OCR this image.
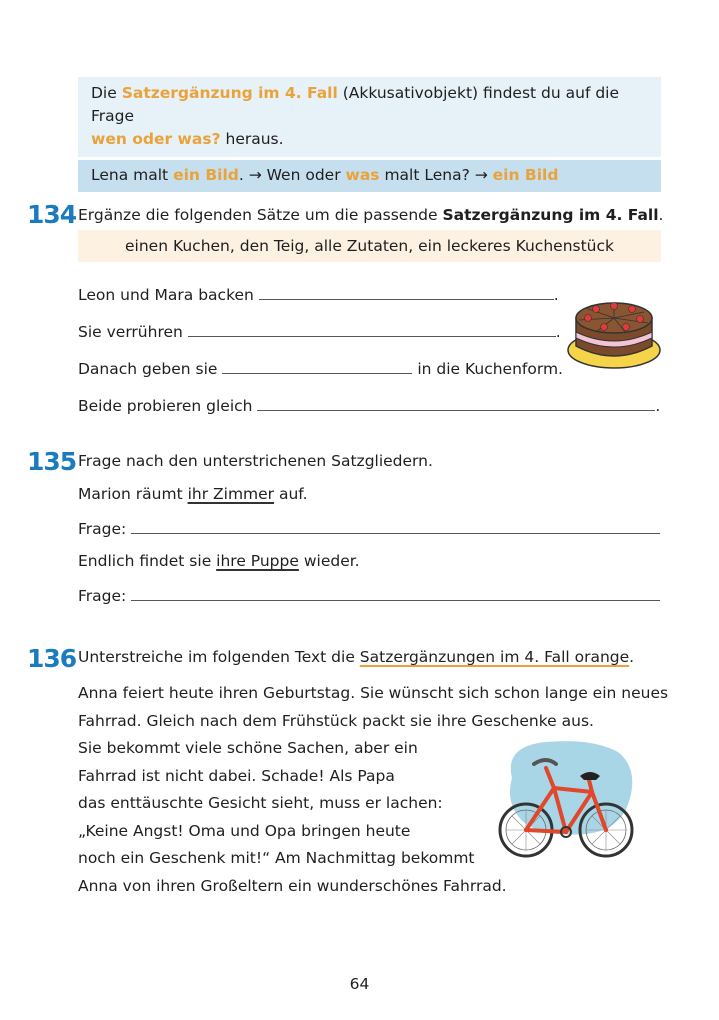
Die Satzergänzung im 4. Fall (Akkusativobjekt) findest du auf die Frage
wen oder was? heraus.
Lena malt ein Bild. → Wen oder was malt Lena? → ein Bild
134 Ergänze die folgenden Sätze um die passende Satzergänzung im 4. Fall.
einen Kuchen, den Teig, alle Zutaten, ein leckeres Kuchenstück
Leon und Mara backen	.
Sie verrühren	.
Danach geben sie	in die Kuchenform.
Beide probieren gleich	.
135 Frage nach den unterstrichenen Satzgliedern.
Marion räumt ihr Zimmer auf.
Frage:
Endlich findet sie ihre Puppe wieder.
Frage:
136 Unterstreiche im folgenden Text die Satzergänzungen im 4. Fall orange.
Anna feiert heute ihren Geburtstag. Sie wünscht sich schon lange ein neues
Fahrrad. Gleich nach dem Frühstück packt sie ihre Geschenke aus.
Sie bekommt viele schöne Sachen, aber ein
Fahrrad ist nicht dabei. Schade! Als Papa
das enttäuschte Gesicht sieht, muss er lachen:
„Keine Angst! Oma und Opa bringen heute
noch ein Geschenk mit!“ Am Nachmittag bekommt
Anna von ihren Großeltern ein wunderschönes Fahrrad.
64
